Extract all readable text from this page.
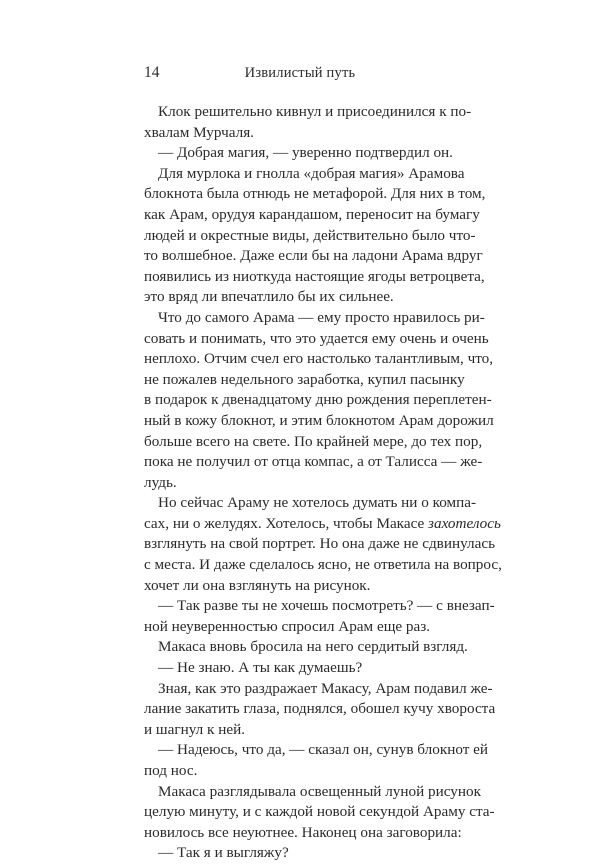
14	Извилистый путь
Клок решительно кивнул и присоединился к по-
хвалам Мурчаля.
— Добрая магия, — уверенно подтвердил он.
Для мурлока и гнолла «добрая магия» Арамова
блокнота была отнюдь не метафорой. Для них в том,
как Арам, орудуя карандашом, переносит на бумагу
людей и окрестные виды, действительно было что-
то волшебное. Даже если бы на ладони Арама вдруг
появились из ниоткуда настоящие ягоды ветроцвета,
это вряд ли впечатлило бы их сильнее.
Что до самого Арама — ему просто нравилось ри-
совать и понимать, что это удается ему очень и очень
неплохо. Отчим счел его настолько талантливым, что,
не пожалев недельного заработка, купил пасынку
в подарок к двенадцатому дню рождения переплетен-
ный в кожу блокнот, и этим блокнотом Арам дорожил
больше всего на свете. По крайней мере, до тех пор,
пока не получил от отца компас, а от Талисса — же-
лудь.
Но сейчас Араму не хотелось думать ни о компа-
сах, ни о желудях. Хотелось, чтобы Макасе захотелось
взглянуть на свой портрет. Но она даже не сдвинулась
с места. И даже сделалось ясно, не ответила на вопрос,
хочет ли она взглянуть на рисунок.
— Так разве ты не хочешь посмотреть? — с внезап-
ной неуверенностью спросил Арам еще раз.
Макаса вновь бросила на него сердитый взгляд.
— Не знаю. А ты как думаешь?
Зная, как это раздражает Макасу, Арам подавил же-
лание закатить глаза, поднялся, обошел кучу хвороста
и шагнул к ней.
— Надеюсь, что да, — сказал он, сунув блокнот ей
под нос.
Макаса разглядывала освещенный луной рисунок
целую минуту, и с каждой новой секундой Араму ста-
новилось все неуютнее. Наконец она заговорила:
— Так я и выгляжу?
